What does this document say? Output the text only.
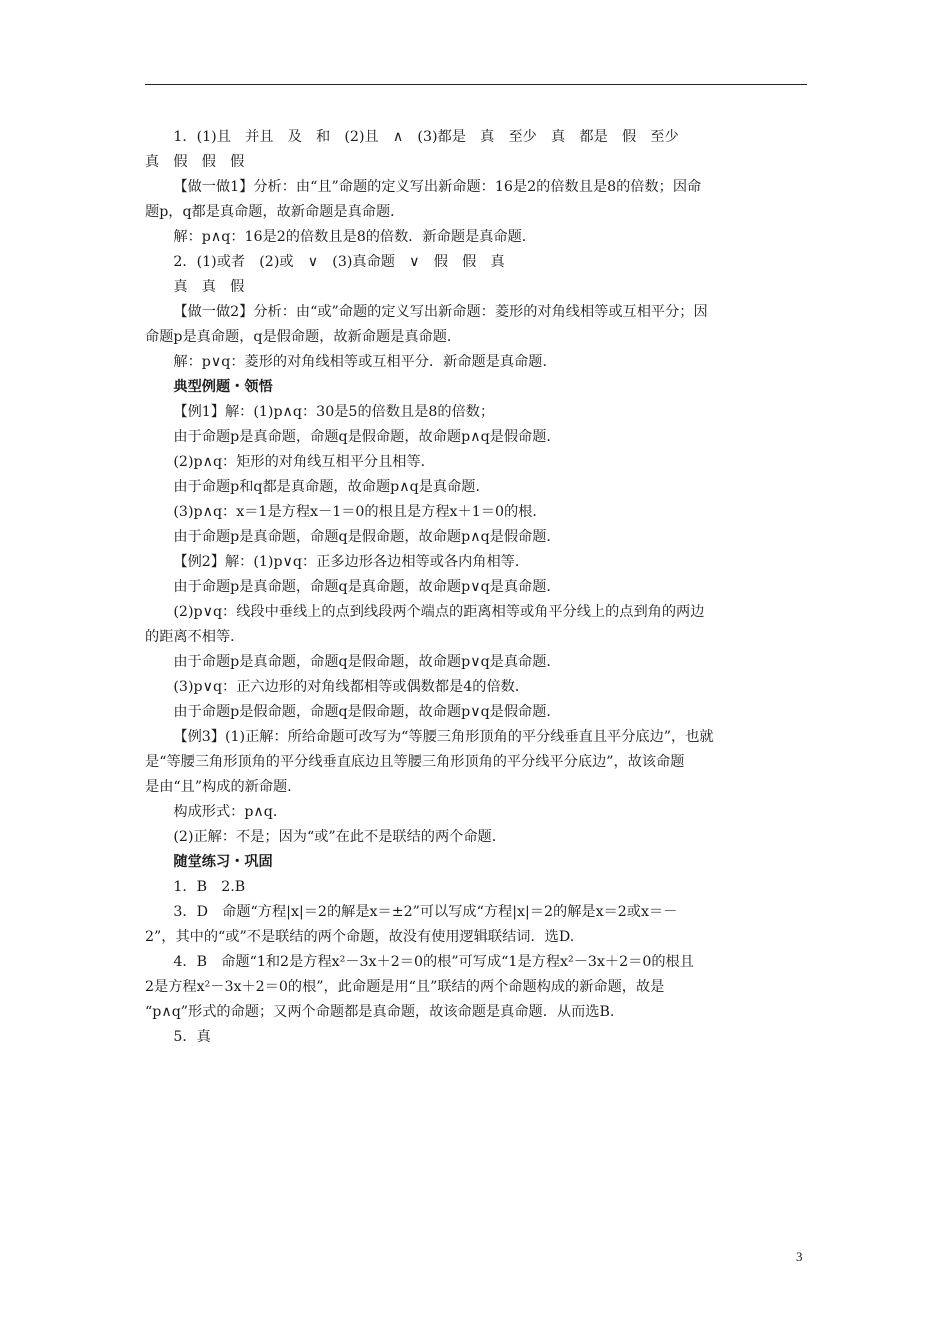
1．(1)且　并且　及　和　(2)且　∧　(3)都是　真　至少　真　都是　假　至少

真　假　假　假

【做一做1】分析：由“且”命题的定义写出新命题：16是2的倍数且是8的倍数；因命

题p，q都是真命题，故新命题是真命题．

解：p∧q：16是2的倍数且是8的倍数．新命题是真命题．

2．(1)或者　(2)或　∨　(3)真命题　∨　假　假　真

真　真　假

【做一做2】分析：由“或”命题的定义写出新命题：菱形的对角线相等或互相平分；因

命题p是真命题，q是假命题，故新命题是真命题．

解：p∨q：菱形的对角线相等或互相平分．新命题是真命题．

典型例题・领悟

【例1】解：(1)p∧q：30是5的倍数且是8的倍数；

由于命题p是真命题，命题q是假命题，故命题p∧q是假命题．

(2)p∧q：矩形的对角线互相平分且相等．

由于命题p和q都是真命题，故命题p∧q是真命题．

(3)p∧q：x＝1是方程x－1＝0的根且是方程x＋1＝0的根．

由于命题p是真命题，命题q是假命题，故命题p∧q是假命题．

【例2】解：(1)p∨q：正多边形各边相等或各内角相等．

由于命题p是真命题，命题q是真命题，故命题p∨q是真命题．

(2)p∨q：线段中垂线上的点到线段两个端点的距离相等或角平分线上的点到角的两边

的距离不相等．

由于命题p是真命题，命题q是假命题，故命题p∨q是真命题．

(3)p∨q：正六边形的对角线都相等或偶数都是4的倍数．

由于命题p是假命题，命题q是假命题，故命题p∨q是假命题．

【例3】(1)正解：所给命题可改写为“等腰三角形顶角的平分线垂直且平分底边”，也就

是“等腰三角形顶角的平分线垂直底边且等腰三角形顶角的平分线平分底边”，故该命题

是由“且”构成的新命题．

构成形式：p∧q．

(2)正解：不是；因为“或”在此不是联结的两个命题．

随堂练习・巩固

1．B　2.B

3．D　命题“方程|x|＝2的解是x＝±2”可以写成“方程|x|＝2的解是x＝2或x＝－

2”，其中的“或”不是联结的两个命题，故没有使用逻辑联结词．选D.

4．B　命题“1和2是方程x²－3x＋2＝0的根”可写成“1是方程x²－3x＋2＝0的根且

2是方程x²－3x＋2＝0的根”，此命题是用“且”联结的两个命题构成的新命题，故是

“p∧q”形式的命题；又两个命题都是真命题，故该命题是真命题．从而选B.

5．真

3
